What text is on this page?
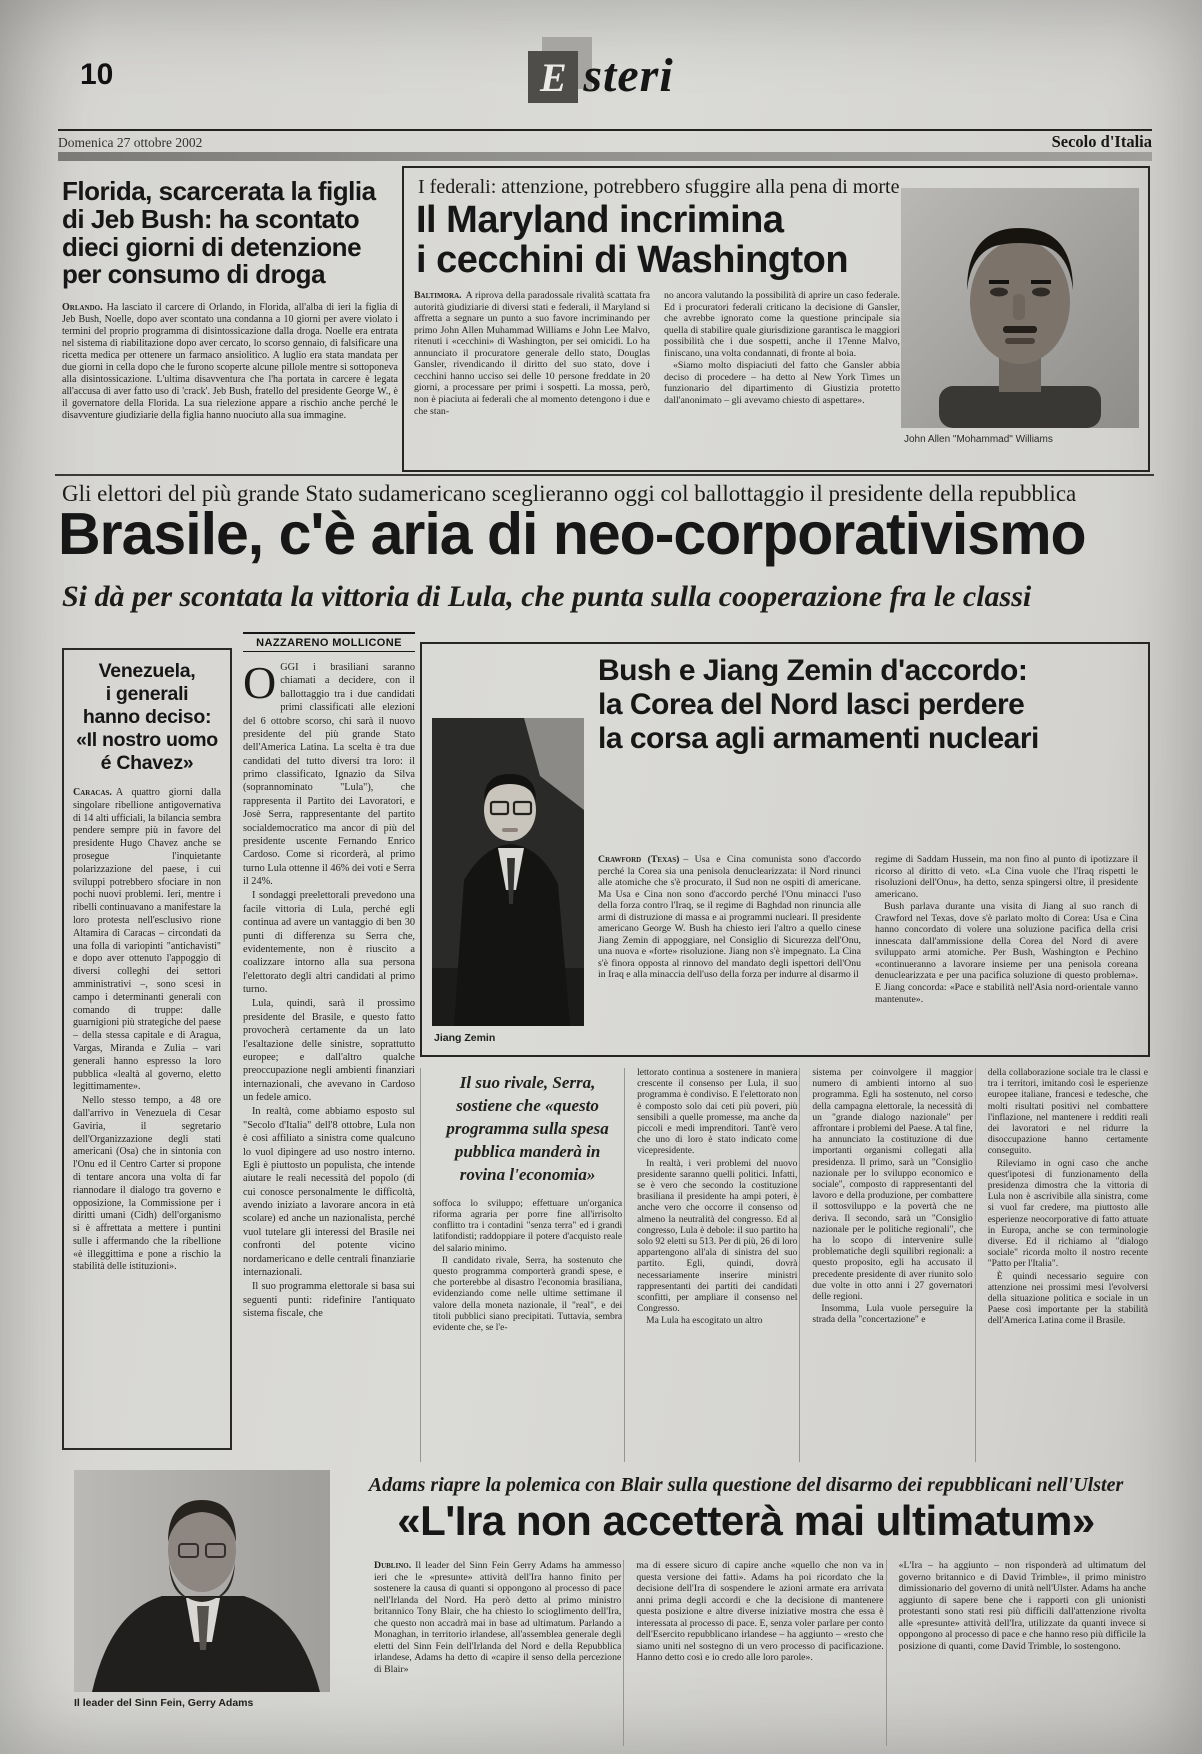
10	E steri
Domenica 27 ottobre 2002	Secolo d'Italia
Florida, scarcerata la figlia
di Jeb Bush: ha scontato
dieci giorni di detenzione
per consumo di droga

Orlando. Ha lasciato il carcere di Orlando, in Florida, all'alba di ieri la figlia di Jeb Bush, Noelle, dopo aver scontato una condanna a 10 giorni per avere violato i termini del proprio programma di disintossicazione dalla droga. Noelle era entrata nel sistema di riabilitazione dopo aver cercato, lo scorso gennaio, di falsificare una ricetta medica per ottenere un farmaco ansiolitico. A luglio era stata mandata per due giorni in cella dopo che le furono scoperte alcune pillole mentre si sottoponeva alla disintossicazione. L'ultima disavventura che l'ha portata in carcere è legata all'accusa di aver fatto uso di 'crack'. Jeb Bush, fratello del presidente George W., è il governatore della Florida. La sua rielezione appare a rischio anche perché le disavventure giudiziarie della figlia hanno nuociuto alla sua immagine.

I federali: attenzione, potrebbero sfuggire alla pena di morte
Il Maryland incrimina
i cecchini di Washington

Baltimora. A riprova della paradossale rivalità scattata fra autorità giudiziarie di diversi stati e federali, il Maryland si affretta a segnare un punto a suo favore incriminando per primo John Allen Muhammad Williams e John Lee Malvo, ritenuti i «cecchini» di Washington, per sei omicidi. Lo ha annunciato il procuratore generale dello stato, Douglas Gansler, rivendicando il diritto del suo stato, dove i cecchini hanno ucciso sei delle 10 persone freddate in 20 giorni, a processare per primi i sospetti. La mossa, però, non è piaciuta ai federali che al momento detengono i due e che stan-

no ancora valutando la possibilità di aprire un caso federale. Ed i procuratori federali criticano la decisione di Gansler, che avrebbe ignorato come la questione principale sia quella di stabilire quale giurisdizione garantisca le maggiori possibilità che i due sospetti, anche il 17enne Malvo, finiscano, una volta condannati, di fronte al boia.

«Siamo molto dispiaciuti del fatto che Gansler abbia deciso di procedere – ha detto al New York Times un funzionario del dipartimento di Giustizia protetto dall'anonimato – gli avevamo chiesto di aspettare».

John Allen "Mohammad" Williams
Gli elettori del più grande Stato sudamericano sceglieranno oggi col ballottaggio il presidente della repubblica
Brasile, c'è aria di neo-corporativismo
Si dà per scontata la vittoria di Lula, che punta sulla cooperazione fra le classi
Venezuela,
i generali
hanno deciso:
«Il nostro uomo
é Chavez»

Caracas. A quattro giorni dalla singolare ribellione antigovernativa di 14 alti ufficiali, la bilancia sembra pendere sempre più in favore del presidente Hugo Chavez anche se prosegue l'inquietante polarizzazione del paese, i cui sviluppi potrebbero sfociare in non pochi nuovi problemi. Ieri, mentre i ribelli continuavano a manifestare la loro protesta nell'esclusivo rione Altamira di Caracas – circondati da una folla di variopinti "antichavisti" e dopo aver ottenuto l'appoggio di diversi colleghi dei settori amministrativi –, sono scesi in campo i determinanti generali con comando di truppe: dalle guarnigioni più strategiche del paese – della stessa capitale e di Aragua, Vargas, Miranda e Zulia – vari generali hanno espresso la loro pubblica «lealtà al governo, eletto legittimamente».

Nello stesso tempo, a 48 ore dall'arrivo in Venezuela di Cesar Gaviria, il segretario dell'Organizzazione degli stati americani (Osa) che in sintonia con l'Onu ed il Centro Carter si propone di tentare ancora una volta di far riannodare il dialogo tra governo e opposizione, la Commissione per i diritti umani (Cidh) dell'organismo si è affrettata a mettere i puntini sulle i affermando che la ribellione «è illeggittima e pone a rischio la stabilità delle istituzioni».

NAZZARENO MOLLICONE

OGGI i brasiliani saranno chiamati a decidere, con il ballottaggio tra i due candidati primi classificati alle elezioni del 6 ottobre scorso, chi sarà il nuovo presidente del più grande Stato dell'America Latina. La scelta è tra due candidati del tutto diversi tra loro: il primo classificato, Ignazio da Silva (soprannominato "Lula"), che rappresenta il Partito dei Lavoratori, e Josè Serra, rappresentante del partito socialdemocratico ma ancor di più del presidente uscente Fernando Enrico Cardoso. Come si ricorderà, al primo turno Lula ottenne il 46% dei voti e Serra il 24%.

I sondaggi preelettorali prevedono una facile vittoria di Lula, perché egli continua ad avere un vantaggio di ben 30 punti di differenza su Serra che, evidentemente, non è riuscito a coalizzare intorno alla sua persona l'elettorato degli altri candidati al primo turno.

Lula, quindi, sarà il prossimo presidente del Brasile, e questo fatto provocherà certamente da un lato l'esaltazione delle sinistre, soprattutto europee; e dall'altro qualche preoccupazione negli ambienti finanziari internazionali, che avevano in Cardoso un fedele amico.

In realtà, come abbiamo esposto sul "Secolo d'Italia" dell'8 ottobre, Lula non è così affiliato a sinistra come qualcuno lo vuol dipingere ad uso nostro interno. Egli è piuttosto un populista, che intende aiutare le reali necessità del popolo (di cui conosce personalmente le difficoltà, avendo iniziato a lavorare ancora in età scolare) ed anche un nazionalista, perché vuol tutelare gli interessi del Brasile nei confronti del potente vicino nordamericano e delle centrali finanziarie internazionali.

Il suo programma elettorale si basa sui seguenti punti: ridefinire l'antiquato sistema fiscale, che

Jiang Zemin
Bush e Jiang Zemin d'accordo:
la Corea del Nord lasci perdere
la corsa agli armamenti nucleari

Crawford (Texas) – Usa e Cina comunista sono d'accordo perché la Corea sia una penisola denuclearizzata: il Nord rinunci alle atomiche che s'è procurato, il Sud non ne ospiti di americane. Ma Usa e Cina non sono d'accordo perché l'Onu minacci l'uso della forza contro l'Iraq, se il regime di Baghdad non rinuncia alle armi di distruzione di massa e ai programmi nucleari. Il presidente americano George W. Bush ha chiesto ieri l'altro a quello cinese Jiang Zemin di appoggiare, nel Consiglio di Sicurezza dell'Onu, una nuova e «forte» risoluzione. Jiang non s'è impegnato. La Cina s'è finora opposta al rinnovo del mandato degli ispettori dell'Onu in Iraq e alla minaccia dell'uso della forza per indurre al disarmo il

regime di Saddam Hussein, ma non fino al punto di ipotizzare il ricorso al diritto di veto. «La Cina vuole che l'Iraq rispetti le risoluzioni dell'Onu», ha detto, senza spingersi oltre, il presidente americano.

Bush parlava durante una visita di Jiang al suo ranch di Crawford nel Texas, dove s'è parlato molto di Corea: Usa e Cina hanno concordato di volere una soluzione pacifica della crisi innescata dall'ammissione della Corea del Nord di avere sviluppato armi atomiche. Per Bush, Washington e Pechino «continueranno a lavorare insieme per una penisola coreana denuclearizzata e per una pacifica soluzione di questo problema». E Jiang concorda: «Pace e stabilità nell'Asia nord-orientale vanno mantenute».

Il suo rivale, Serra, sostiene che «questo programma sulla spesa pubblica manderà in rovina l'economia»

soffoca lo sviluppo; effettuare un'organica riforma agraria per porre fine all'irrisolto conflitto tra i contadini "senza terra" ed i grandi latifondisti; raddoppiare il potere d'acquisto reale del salario minimo.

Il candidato rivale, Serra, ha sostenuto che questo programma comporterà grandi spese, e che porterebbe al disastro l'economia brasiliana, evidenziando come nelle ultime settimane il valore della moneta nazionale, il "real", e dei titoli pubblici siano precipitati. Tuttavia, sembra evidente che, se l'e-

lettorato continua a sostenere in maniera crescente il consenso per Lula, il suo programma è condiviso. E l'elettorato non è composto solo dai ceti più poveri, più sensibili a quelle promesse, ma anche da piccoli e medi imprenditori. Tant'è vero che uno di loro è stato indicato come vicepresidente.

In realtà, i veri problemi del nuovo presidente saranno quelli politici. Infatti, se è vero che secondo la costituzione brasiliana il presidente ha ampi poteri, è anche vero che occorre il consenso od almeno la neutralità del congresso. Ed al congresso, Lula è debole: il suo partito ha solo 92 eletti su 513. Per di più, 26 di loro appartengono all'ala di sinistra del suo partito. Egli, quindi, dovrà necessariamente inserire ministri rappresentanti dei partiti dei candidati sconfitti, per ampliare il consenso nel Congresso.

Ma Lula ha escogitato un altro

sistema per coinvolgere il maggior numero di ambienti intorno al suo programma. Egli ha sostenuto, nel corso della campagna elettorale, la necessità di un "grande dialogo nazionale" per affrontare i problemi del Paese. A tal fine, ha annunciato la costituzione di due importanti organismi collegati alla presidenza. Il primo, sarà un "Consiglio nazionale per lo sviluppo economico e sociale", composto di rappresentanti del lavoro e della produzione, per combattere il sottosviluppo e la povertà che ne deriva. Il secondo, sarà un "Consiglio nazionale per le politiche regionali", che ha lo scopo di intervenire sulle problematiche degli squilibri regionali: a questo proposito, egli ha accusato il precedente presidente di aver riunito solo due volte in otto anni i 27 governatori delle regioni.

Insomma, Lula vuole perseguire la strada della "concertazione" e

della collaborazione sociale tra le classi e tra i territori, imitando così le esperienze europee italiane, francesi e tedesche, che molti risultati positivi nel combattere l'inflazione, nel mantenere i redditi reali dei lavoratori e nel ridurre la disoccupazione hanno certamente conseguito.

Rileviamo in ogni caso che anche quest'ipotesi di funzionamento della presidenza dimostra che la vittoria di Lula non è ascrivibile alla sinistra, come si vuol far credere, ma piuttosto alle esperienze neocorporative di fatto attuate in Europa, anche se con terminologie diverse. Ed il richiamo al "dialogo sociale" ricorda molto il nostro recente "Patto per l'Italia".

È quindi necessario seguire con attenzione nei prossimi mesi l'evolversi della situazione politica e sociale in un Paese così importante per la stabilità dell'America Latina come il Brasile.

Il leader del Sinn Fein, Gerry Adams
Adams riapre la polemica con Blair sulla questione del disarmo dei repubblicani nell'Ulster
«L'Ira non accetterà mai ultimatum»

Dublino. Il leader del Sinn Fein Gerry Adams ha ammesso ieri che le «presunte» attività dell'Ira hanno finito per sostenere la causa di quanti si oppongono al processo di pace nell'Irlanda del Nord. Ha però detto al primo ministro britannico Tony Blair, che ha chiesto lo scioglimento dell'Ira, che questo non accadrà mai in base ad ultimatum. Parlando a Monaghan, in territorio irlandese, all'assemblea generale degli eletti del Sinn Fein dell'Irlanda del Nord e della Repubblica irlandese, Adams ha detto di «capire il senso della percezione di Blair»

ma di essere sicuro di capire anche «quello che non va in questa versione dei fatti». Adams ha poi ricordato che la decisione dell'Ira di sospendere le azioni armate era arrivata anni prima degli accordi e che la decisione di mantenere questa posizione e altre diverse iniziative mostra che essa è interessata al processo di pace. E, senza voler parlare per conto dell'Esercito repubblicano irlandese – ha aggiunto – «resto che siamo uniti nel sostegno di un vero processo di pacificazione. Hanno detto così e io credo alle loro parole».

«L'Ira – ha aggiunto – non risponderà ad ultimatum del governo britannico e di David Trimble», il primo ministro dimissionario del governo di unità nell'Ulster. Adams ha anche aggiunto di sapere bene che i rapporti con gli unionisti protestanti sono stati resi più difficili dall'attenzione rivolta alle «presunte» attività dell'Ira, utilizzate da quanti invece si oppongono al processo di pace e che hanno reso più difficile la posizione di quanti, come David Trimble, lo sostengono.
